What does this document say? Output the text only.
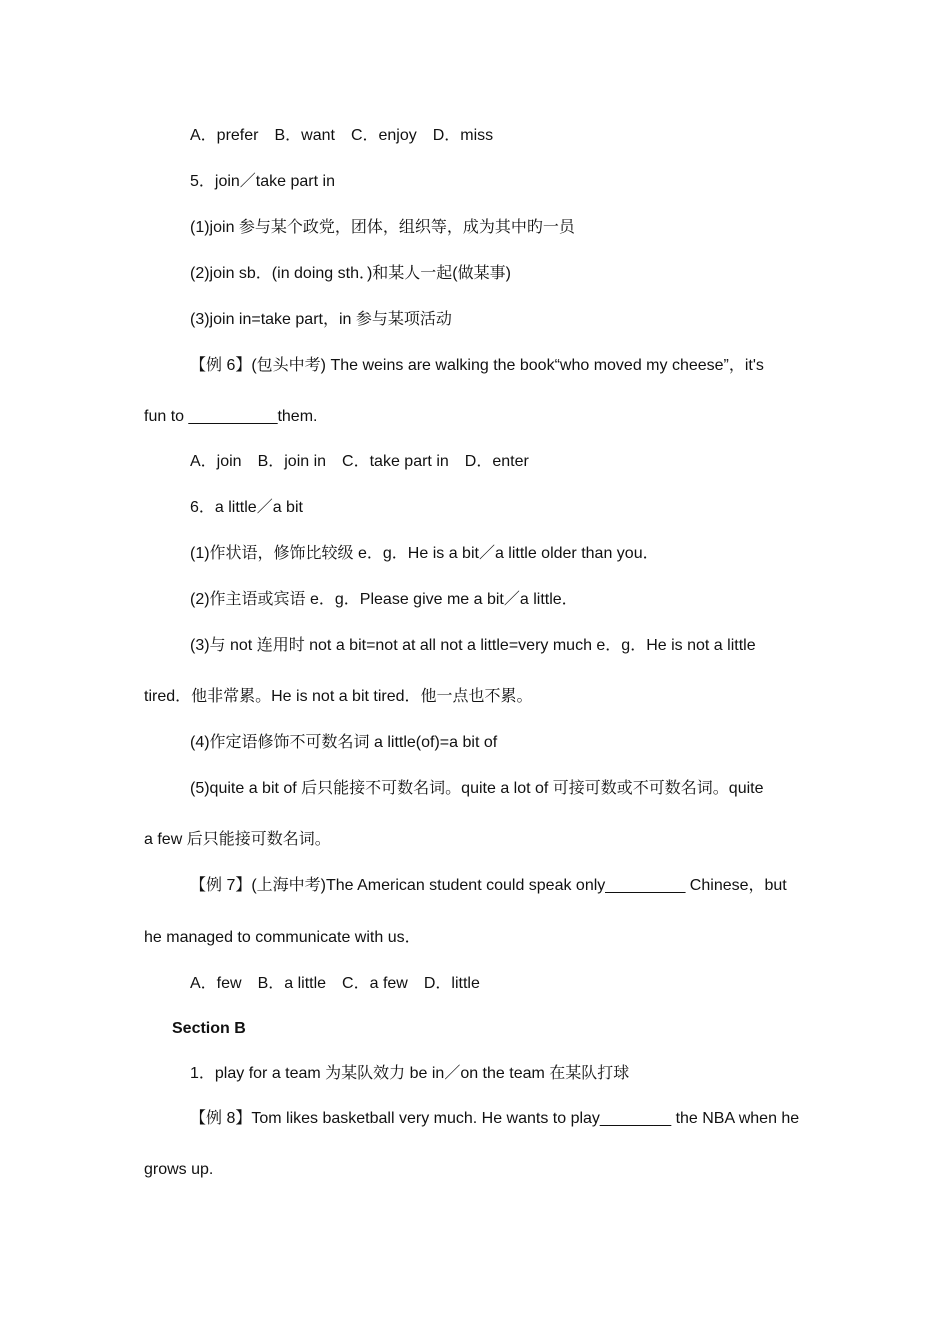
A．prefer　B．want　C．enjoy　D．miss
5．join／take part in
(1)join 参与某个政党，团体，组织等，成为其中旳一员
(2)join sb．(in doing sth．)和某人一起(做某事)
(3)join in=take part，in 参与某项活动
【例 6】(包头中考) The weins are walking the book“who moved my cheese”，it's
fun to __________them.
A．join　B．join in　C．take part in　D．enter
6．a little／a bit
(1)作状语，修饰比较级 e．g．He is a bit／a little older than you．
(2)作主语或宾语 e．g．Please give me a bit／a little．
(3)与 not 连用时 not a bit=not at all not a little=very much e．g．He is not a little
tired．他非常累。He is not a bit tired．他一点也不累。
(4)作定语修饰不可数名词 a little(of)=a bit of
(5)quite a bit of 后只能接不可数名词。quite a lot of 可接可数或不可数名词。quite
a few 后只能接可数名词。
【例 7】(上海中考)The American student could speak only_________ Chinese，but
he managed to communicate with us．
A．few　B．a little　C．a few　D．little
Section B
1．play for a team 为某队效力 be in／on the team 在某队打球
【例 8】Tom likes basketball very much. He wants to play________ the NBA when he
grows up.
